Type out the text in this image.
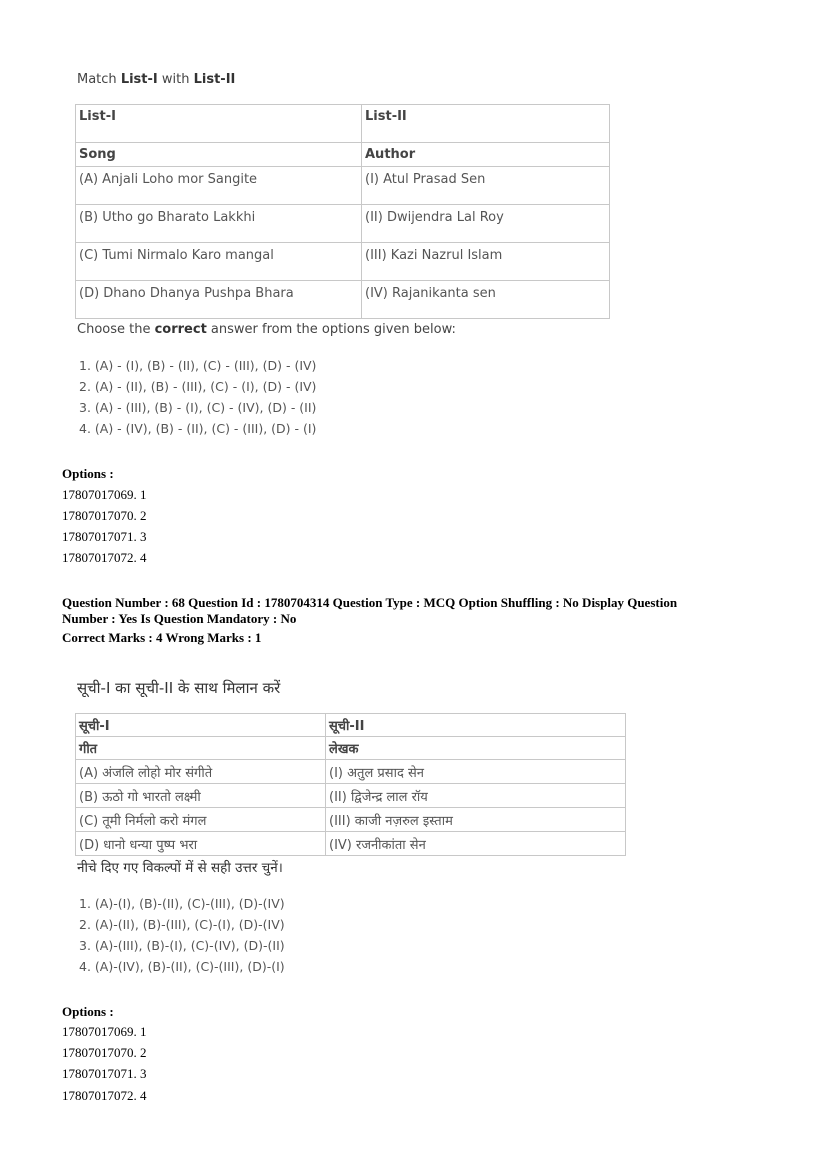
Match List-I with List-II
List-I	List-II
Song	Author
(A) Anjali Loho mor Sangite	(I) Atul Prasad Sen
(B) Utho go Bharato Lakkhi	(II) Dwijendra Lal Roy
(C) Tumi Nirmalo Karo mangal	(III) Kazi Nazrul Islam
(D) Dhano Dhanya Pushpa Bhara	(IV) Rajanikanta sen
Choose the correct answer from the options given below:
1. (A) - (I), (B) - (II), (C) - (III), (D) - (IV)
2. (A) - (II), (B) - (III), (C) - (I), (D) - (IV)
3. (A) - (III), (B) - (I), (C) - (IV), (D) - (II)
4. (A) - (IV), (B) - (II), (C) - (III), (D) - (I)
Options :
17807017069. 1
17807017070. 2
17807017071. 3
17807017072. 4
Question Number : 68 Question Id : 1780704314 Question Type : MCQ Option Shuffling : No Display Question
Number : Yes Is Question Mandatory : No
Correct Marks : 4 Wrong Marks : 1
सूची-I का सूची-II के साथ मिलान करें
सूची-I	सूची-II
गीत	लेखक
(A) अंजलि लोहो मोर संगीते	(I) अतुल प्रसाद सेन
(B) ऊठो गो भारतो लक्ष्मी	(II) द्विजेन्द्र लाल रॉय
(C) तूमी निर्मलो करो मंगल	(III) काजी नज़रुल इस्ताम
(D) धानो धन्या पुष्प भरा	(IV) रजनीकांता सेन
नीचे दिए गए विकल्पों में से सही उत्तर चुनें।
1. (A)-(I), (B)-(II), (C)-(III), (D)-(IV)
2. (A)-(II), (B)-(III), (C)-(I), (D)-(IV)
3. (A)-(III), (B)-(I), (C)-(IV), (D)-(II)
4. (A)-(IV), (B)-(II), (C)-(III), (D)-(I)
Options :
17807017069. 1
17807017070. 2
17807017071. 3
17807017072. 4
